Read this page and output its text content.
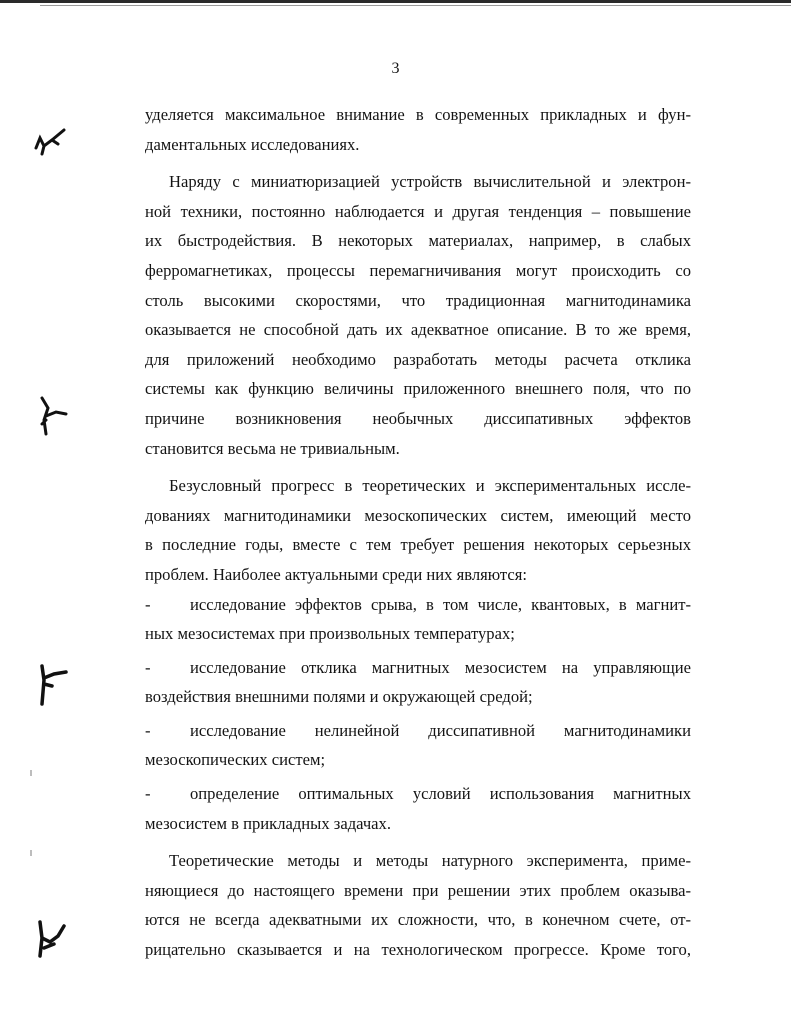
3
уделяется максимальное внимание в современных прикладных и фун-
даментальных исследованиях.
Наряду с миниатюризацией устройств вычислительной и электрон-
ной техники, постоянно наблюдается и другая тенденция – повышение
их быстродействия. В некоторых материалах, например, в слабых
ферромагнетиках, процессы перемагничивания могут происходить со
столь высокими скоростями, что традиционная магнитодинамика
оказывается не способной дать их адекватное описание. В то же время,
для приложений необходимо разработать методы расчета отклика
системы как функцию величины приложенного внешнего поля, что по
причине возникновения необычных диссипативных эффектов
становится весьма не тривиальным.
Безусловный прогресс в теоретических и экспериментальных иссле-
дованиях магнитодинамики мезоскопических систем, имеющий место
в последние годы, вместе с тем требует решения некоторых серьезных
проблем. Наиболее актуальными среди них являются:
-	исследование эффектов срыва, в том числе, квантовых, в магнит-
ных мезосистемах при произвольных температурах;
-	исследование отклика магнитных мезосистем на управляющие
воздействия внешними полями и окружающей средой;
-	исследование нелинейной диссипативной магнитодинамики
мезоскопических систем;
-	определение оптимальных условий использования магнитных
мезосистем в прикладных задачах.
Теоретические методы и методы натурного эксперимента, приме-
няющиеся до настоящего времени при решении этих проблем оказыва-
ются не всегда адекватными их сложности, что, в конечном счете, от-
рицательно сказывается и на технологическом прогрессе. Кроме того,
